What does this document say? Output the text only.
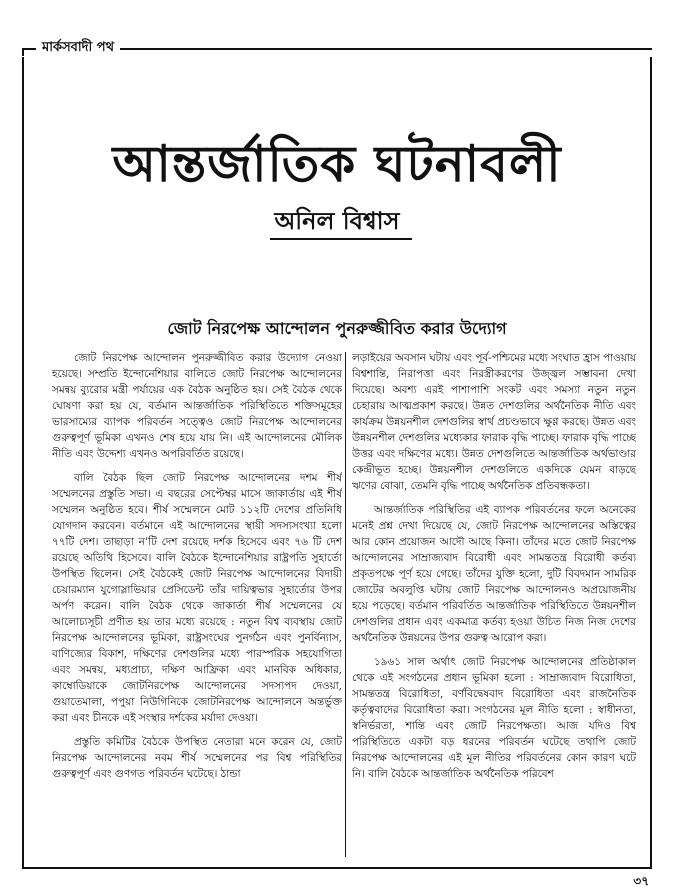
মার্কসবাদী পথ
আন্তর্জাতিক ঘটনাবলী
অনিল বিশ্বাস
জোট নিরপেক্ষ আন্দোলন পুনরুজ্জীবিত করার উদ্যোগ

জোট নিরপেক্ষ আন্দোলন পুনরুজ্জীবিত করার উদ্যোগ নেওয়া হয়েছে। সম্প্রতি ইন্দোনেশিয়ার বালিতে জোট নিরপেক্ষ আন্দোলনের সমন্বয় ব্যুরোর মন্ত্রী পর্যায়ের এক বৈঠক অনুষ্ঠিত হয়। সেই বৈঠক থেকে ঘোষণা করা হয় যে, বর্তমান আন্তর্জাতিক পরিস্থিতিতে শক্তিসমূহের ভারসাম্যের ব্যাপক পরিবর্তন সত্ত্বেও জোট নিরপেক্ষ আন্দোলনের গুরুত্বপূর্ণ ভূমিকা এখনও শেষ হয়ে যায় নি। এই আন্দোলনের মৌলিক নীতি এবং উদ্দেশ্য এখনও অপরিবর্তিত রয়েছে।

বালি বৈঠক ছিল জোট নিরপেক্ষ আন্দোলনের দশম শীর্ষ সম্মেলনের প্রস্তুতি সভা। এ বছরের সেপ্টেম্বর মাসে জাকার্তায় এই শীর্ষ সম্মেলন অনুষ্ঠিত হবে। শীর্ষ সম্মেলনে মোট ১১২টি দেশের প্রতিনিধি যোগদান করবেন। বর্তমানে এই আন্দোলনের স্থায়ী সদস্যসংখ্যা হলো ৭৭টি দেশ। তাছাড়া ন’টি দেশ রয়েছে দর্শক হিসেবে এবং ৭৬ টি দেশ রয়েছে অতিথি হিসেবে। বালি বৈঠকে ইন্দোনেশিয়ার রাষ্ট্রপতি সুহার্তো উপস্থিত ছিলেন। সেই বৈঠকেই জোট নিরপেক্ষ আন্দোলনের বিদায়ী চেয়ারম্যান যুগোস্লাভিয়ার প্রেসিডেন্ট তাঁর দায়িত্বভার সুহার্তোর উপর অর্পণ করেন। বালি বৈঠক থেকে জাকার্তা শীর্ষ সম্মেলনের যে আলোচ্যসূচী প্রণীত হয় তার মধ্যে রয়েছে : নতুন বিশ্ব ব্যবস্থায় জোট নিরপেক্ষ আন্দোলনের ভূমিকা, রাষ্ট্রসংঘের পুনর্গঠন এবং পুনর্বিন্যাস, বাণিজ্যের বিকাশ, দক্ষিণের দেশগুলির মধ্যে পারস্পরিক সহযোগিতা এবং সমন্বয়, মধ্যপ্রাচ্য, দক্ষিণ আফ্রিকা এবং মানবিক অধিকার, কাম্বোডিয়াকে জোটনিরপেক্ষ আন্দোলনের সদস্যপদ দেওয়া, গুয়াতেমালা, পপুয়া নিউগিনিকে জোটনিরপেক্ষ আন্দোলনে অন্তর্ভুক্ত করা এবং চীনকে এই সংস্থার দর্শকের মর্যাদা দেওয়া।

প্রস্তুতি কমিটির বৈঠকে উপস্থিত নেতারা মনে করেন যে, জোট নিরপেক্ষ আন্দোলনের নবম শীর্ষ সম্মেলনের পর বিশ্ব পরিস্থিতির গুরুত্বপূর্ণ এবং গুণগত পরিবর্তন ঘটেছে। ঠান্ডা

লড়াইয়ের অবসান ঘটায় এবং পূর্ব-পশ্চিমের মধ্যে সংঘাত হ্রাস পাওয়ায় বিশ্বশান্তি, নিরাপত্তা এবং নিরস্ত্রীকরণের উজ্জ্বল সম্ভাবনা দেখা দিয়েছে। অবশ্য এরই পাশাপাশি সংকট এবং সমস্যা নতুন নতুন চেহারায় আত্মপ্রকাশ করছে। উন্নত দেশগুলির অর্থনৈতিক নীতি এবং কার্যক্রম উন্নয়নশীল দেশগুলির স্বার্থ প্রচণ্ডভাবে ক্ষুণ্ণ করছে। উন্নত এবং উন্নয়নশীল দেশগুলির মধ্যেকার ফারাক বৃদ্ধি পাচ্ছে। ফারাক বৃদ্ধি পাচ্ছে উত্তর এবং দক্ষিণের মধ্যে। উন্নত দেশগুলিতে আন্তর্জাতিক অর্থভাণ্ডার কেন্দ্রীভূত হচ্ছে। উন্নয়নশীল দেশগুলিতে একদিকে যেমন বাড়ছে ঋণের বোঝা, তেমনি বৃদ্ধি পাচ্ছে অর্থনৈতিক প্রতিবন্ধকতা।

আন্তর্জাতিক পরিস্থিতির এই ব্যাপক পরিবর্তনের ফলে অনেকের মনেই প্রশ্ন দেখা দিয়েছে যে, জোট নিরপেক্ষ আন্দোলনের অস্তিত্বের আর কোন প্রয়োজন আদৌ আছে কিনা। তাঁদের মতে জোট নিরপেক্ষ আন্দোলনের সাম্রাজ্যবাদ বিরোধী এবং সামন্ততন্ত্র বিরোধী কর্তব্য প্রকৃতপক্ষে পূর্ণ হয়ে গেছে। তাঁদের যুক্তি হলো, দুটি বিবদমান সামরিক জোটের অবলুপ্তি ঘটায় জোট নিরপেক্ষ আন্দোলনও অপ্রয়োজনীয় হয়ে পড়েছে। বর্তমান পরিবর্তিত আন্তর্জাতিক পরিস্থিতিতে উন্নয়নশীল দেশগুলির প্রধান এবং একমাত্র কর্তব্য হওয়া উচিত নিজ নিজ দেশের অর্থনৈতিক উন্নয়নের উপর গুরুত্ব আরোপ করা।

১৯৬১ সাল অর্থাৎ জোট নিরপেক্ষ আন্দোলনের প্রতিষ্ঠাকাল থেকে এই সংগঠনের প্রধান ভূমিকা হলো : সাম্রাজ্যবাদ বিরোধিতা, সামন্ততন্ত্র বিরোধিতা, বর্ণবিদ্বেষবাদ বিরোধিতা এবং রাজনৈতিক কর্তৃত্ববাদের বিরোধিতা করা। সংগঠনের মূল নীতি হলো : স্বাধীনতা, স্বনির্ভরতা, শান্তি এবং জোট নিরপেক্ষতা। আজ যদিও বিশ্ব পরিস্থিতিতে একটা বড় ধরনের পরিবর্তন ঘটেছে তথাপি জোট নিরপেক্ষ আন্দোলনের এই মূল নীতির পরিবর্তনের কোন কারণ ঘটে নি। বালি বৈঠকে আন্তর্জাতিক অর্থনৈতিক পরিবেশ

৩৭
